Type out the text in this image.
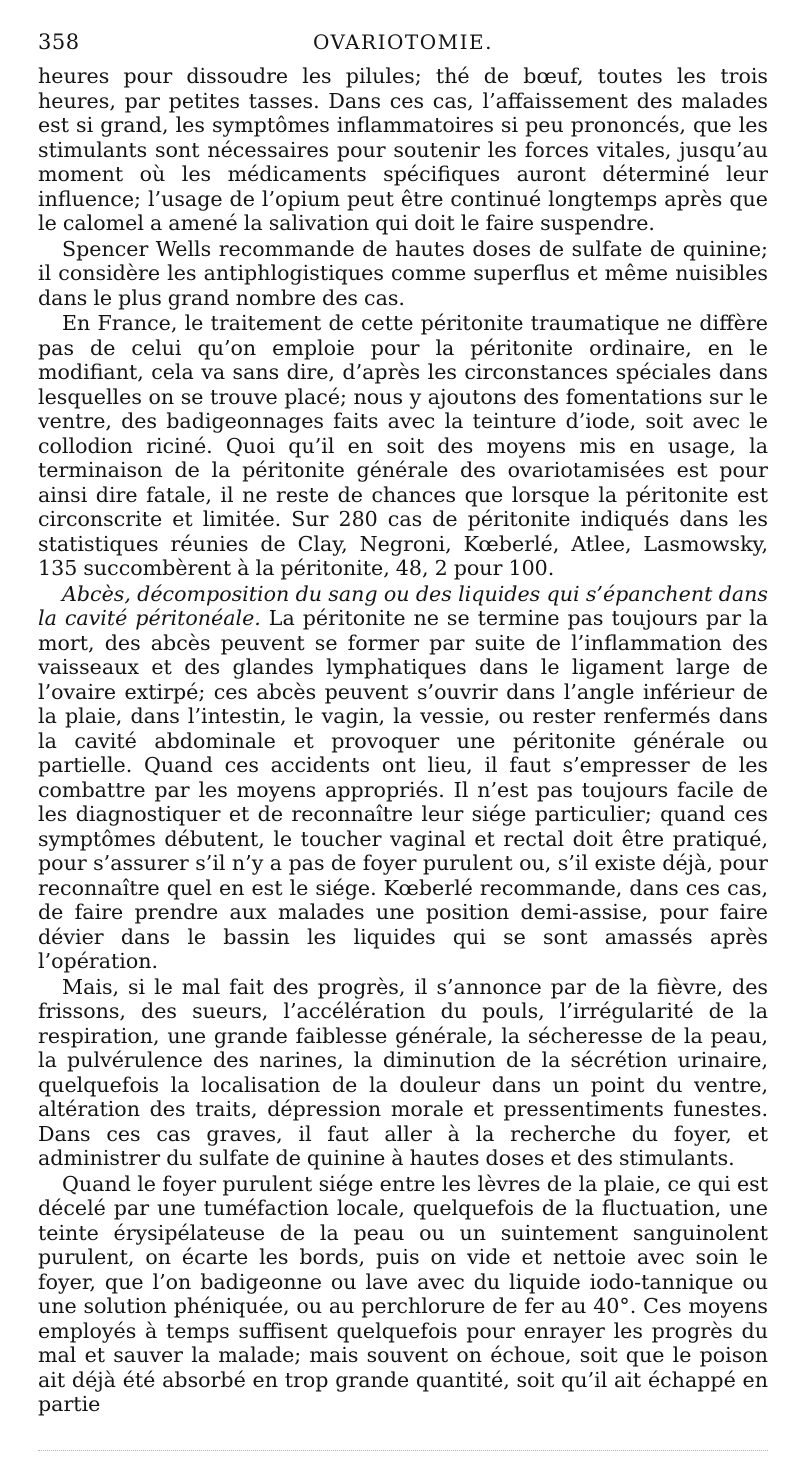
358	OVARIOTOMIE.

heures pour dissoudre les pilules; thé de bœuf, toutes les trois heures, par petites tasses. Dans ces cas, l’affaissement des malades est si grand, les symptômes inflammatoires si peu prononcés, que les stimulants sont nécessaires pour soutenir les forces vitales, jusqu’au moment où les médicaments spécifiques auront déterminé leur influence; l’usage de l’opium peut être continué longtemps après que le calomel a amené la salivation qui doit le faire suspendre.

Spencer Wells recommande de hautes doses de sulfate de quinine; il considère les antiphlogistiques comme superflus et même nuisibles dans le plus grand nombre des cas.

En France, le traitement de cette péritonite traumatique ne diffère pas de celui qu’on emploie pour la péritonite ordinaire, en le modifiant, cela va sans dire, d’après les circonstances spéciales dans lesquelles on se trouve placé; nous y ajoutons des fomentations sur le ventre, des badigeonnages faits avec la teinture d’iode, soit avec le collodion riciné. Quoi qu’il en soit des moyens mis en usage, la terminaison de la péritonite générale des ovariotamisées est pour ainsi dire fatale, il ne reste de chances que lorsque la péritonite est circonscrite et limitée. Sur 280 cas de péritonite indiqués dans les statistiques réunies de Clay, Negroni, Kœberlé, Atlee, Lasmowsky, 135 succombèrent à la péritonite, 48, 2 pour 100.

Abcès, décomposition du sang ou des liquides qui s’épanchent dans la cavité péritonéale. La péritonite ne se termine pas toujours par la mort, des abcès peuvent se former par suite de l’inflammation des vaisseaux et des glandes lymphatiques dans le ligament large de l’ovaire extirpé; ces abcès peuvent s’ouvrir dans l’angle inférieur de la plaie, dans l’intestin, le vagin, la vessie, ou rester renfermés dans la cavité abdominale et provoquer une péritonite générale ou partielle. Quand ces accidents ont lieu, il faut s’empresser de les combattre par les moyens appropriés. Il n’est pas toujours facile de les diagnostiquer et de reconnaître leur siége particulier; quand ces symptômes débutent, le toucher vaginal et rectal doit être pratiqué, pour s’assurer s’il n’y a pas de foyer purulent ou, s’il existe déjà, pour reconnaître quel en est le siége. Kœberlé recommande, dans ces cas, de faire prendre aux malades une position demi-assise, pour faire dévier dans le bassin les liquides qui se sont amassés après l’opération.

Mais, si le mal fait des progrès, il s’annonce par de la fièvre, des frissons, des sueurs, l’accélération du pouls, l’irrégularité de la respiration, une grande faiblesse générale, la sécheresse de la peau, la pulvérulence des narines, la diminution de la sécrétion urinaire, quelquefois la localisation de la douleur dans un point du ventre, altération des traits, dépression morale et pressentiments funestes. Dans ces cas graves, il faut aller à la recherche du foyer, et administrer du sulfate de quinine à hautes doses et des stimulants.

Quand le foyer purulent siége entre les lèvres de la plaie, ce qui est décelé par une tuméfaction locale, quelquefois de la fluctuation, une teinte érysipélateuse de la peau ou un suintement sanguinolent purulent, on écarte les bords, puis on vide et nettoie avec soin le foyer, que l’on badigeonne ou lave avec du liquide iodo-tannique ou une solution phéniquée, ou au perchlorure de fer au 40°. Ces moyens employés à temps suffisent quelquefois pour enrayer les progrès du mal et sauver la malade; mais souvent on échoue, soit que le poison ait déjà été absorbé en trop grande quantité, soit qu’il ait échappé en partie
